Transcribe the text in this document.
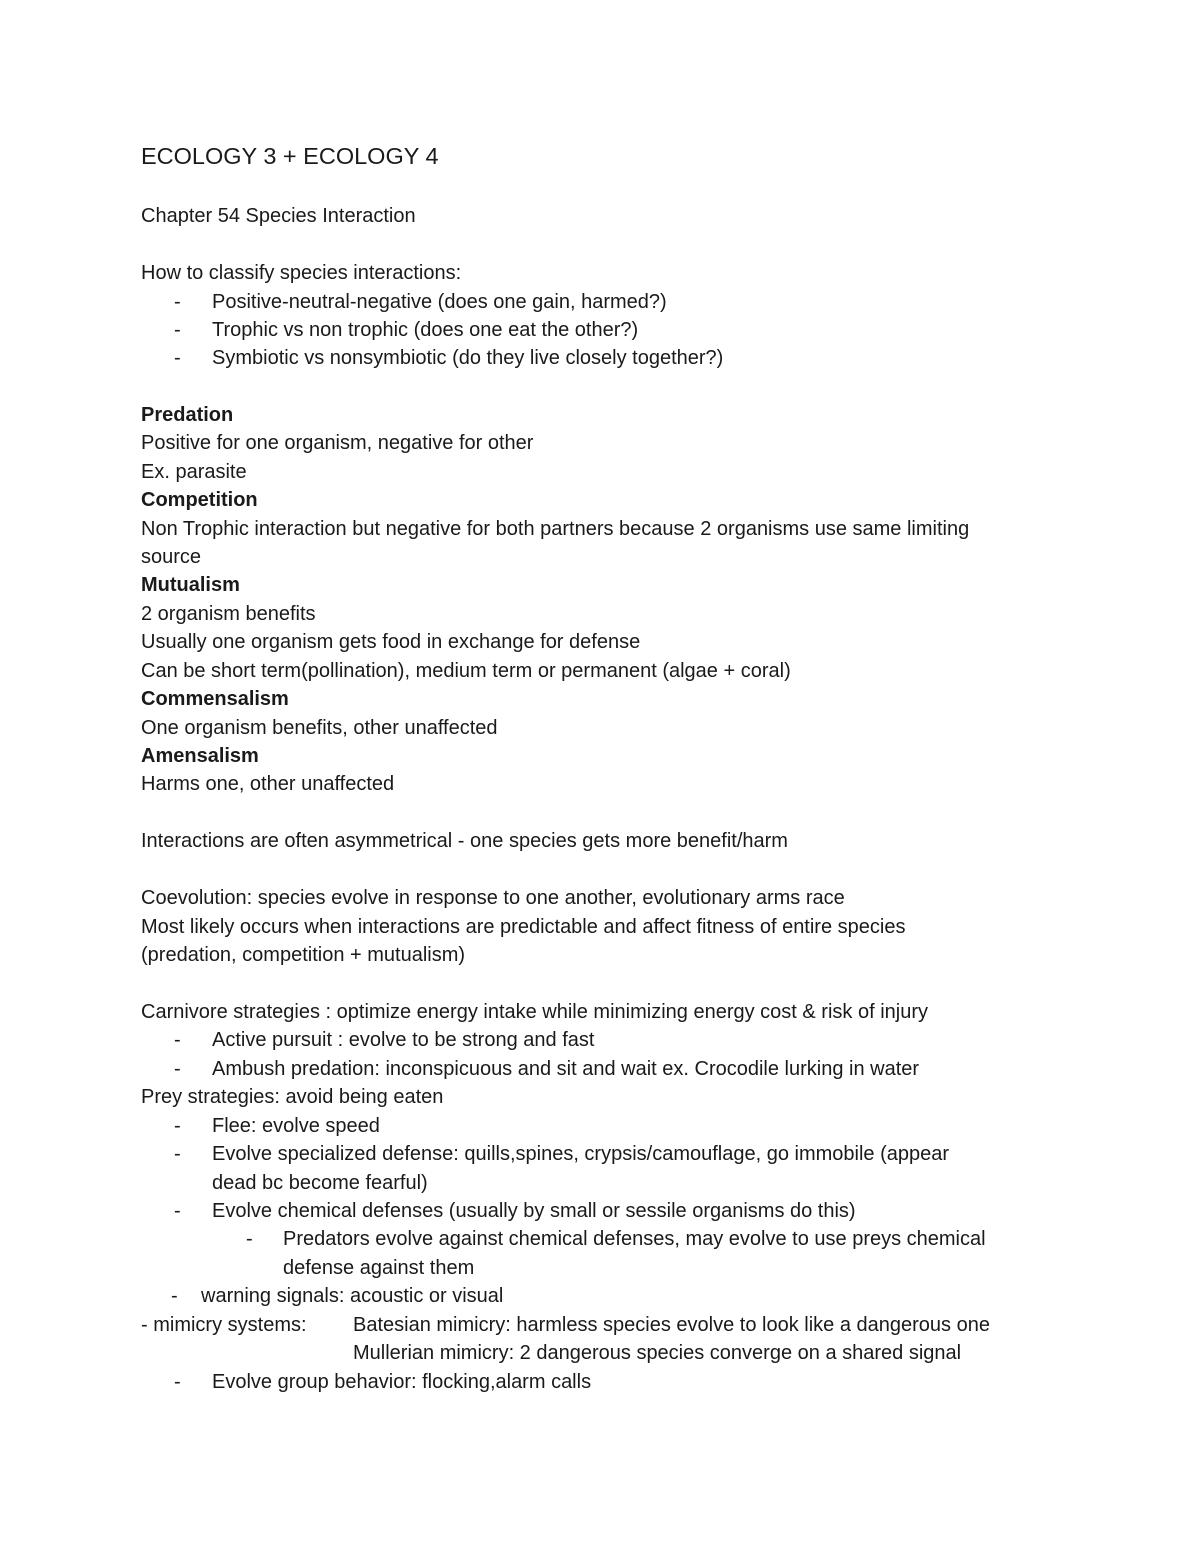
ECOLOGY 3 + ECOLOGY 4
Chapter 54 Species Interaction
How to classify species interactions:
- Positive-neutral-negative (does one gain, harmed?)
- Trophic vs non trophic (does one eat the other?)
- Symbiotic vs nonsymbiotic (do they live closely together?)
Predation
Positive for one organism, negative for other
Ex. parasite
Competition
Non Trophic interaction but negative for both partners because 2 organisms use same limiting
source
Mutualism
2 organism benefits
Usually one organism gets food in exchange for defense
Can be short term(pollination), medium term or permanent (algae + coral)
Commensalism
One organism benefits, other unaffected
Amensalism
Harms one, other unaffected
Interactions are often asymmetrical - one species gets more benefit/harm
Coevolution: species evolve in response to one another, evolutionary arms race
Most likely occurs when interactions are predictable and affect fitness of entire species
(predation, competition + mutualism)
Carnivore strategies : optimize energy intake while minimizing energy cost & risk of injury
- Active pursuit : evolve to be strong and fast
- Ambush predation: inconspicuous and sit and wait ex. Crocodile lurking in water
Prey strategies: avoid being eaten
- Flee: evolve speed
- Evolve specialized defense: quills,spines, crypsis/camouflage, go immobile (appear
dead bc become fearful)
- Evolve chemical defenses (usually by small or sessile organisms do this)
- Predators evolve against chemical defenses, may evolve to use preys chemical
defense against them
- warning signals: acoustic or visual
- mimicry systems: Batesian mimicry: harmless species evolve to look like a dangerous one
Mullerian mimicry: 2 dangerous species converge on a shared signal
- Evolve group behavior: flocking,alarm calls
